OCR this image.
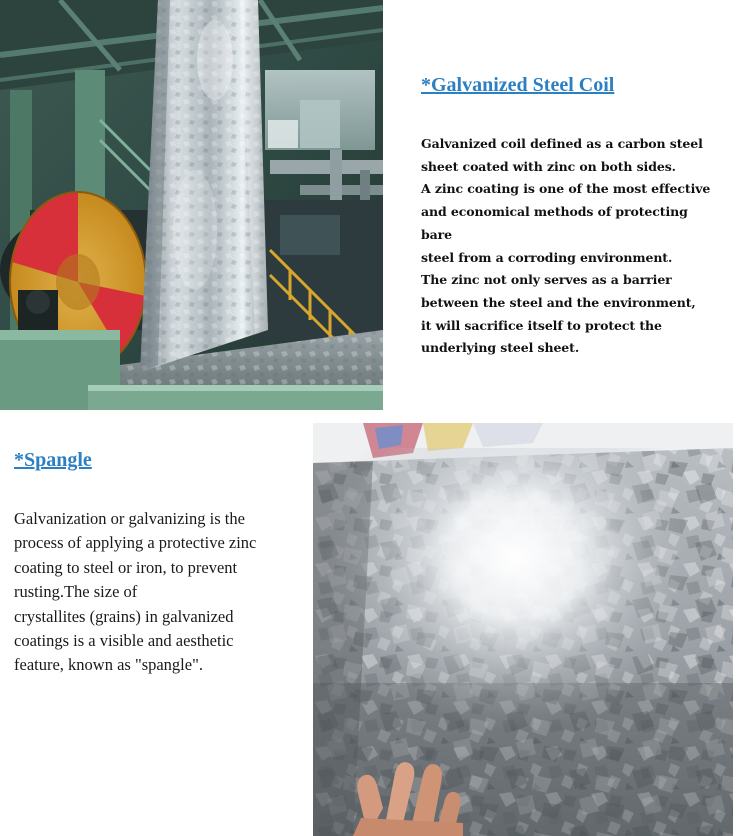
*Galvanized Steel Coil
Galvanized coil defined as a carbon steel
sheet coated with zinc on both sides.
A zinc coating is one of the most effective
and economical methods of protecting
bare
steel from a corroding environment.
The zinc not only serves as a barrier
between the steel and the environment,
it will sacrifice itself to protect the
underlying steel sheet.
*Spangle
Galvanization or galvanizing is the
process of applying a protective zinc
coating to steel or iron, to prevent
rusting.The size of
crystallites (grains) in galvanized
coatings is a visible and aesthetic
feature, known as "spangle".
